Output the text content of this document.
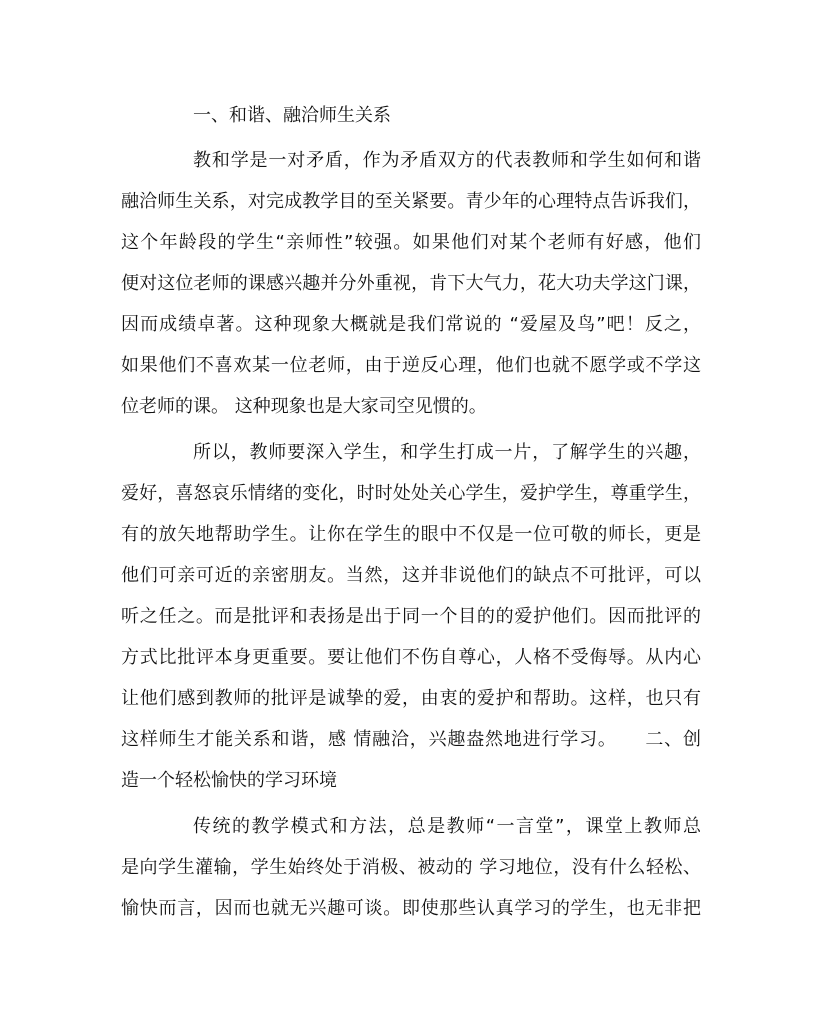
一、和谐、融洽师生关系
教和学是一对矛盾，作为矛盾双方的代表教师和学生如何和谐
融洽师生关系，对完成教学目的至关紧要。青少年的心理特点告诉我们，
这个年龄段的学生“亲师性”较强。如果他们对某个老师有好感，他们
便对这位老师的课感兴趣并分外重视，肯下大气力，花大功夫学这门课，
因而成绩卓著。这种现象大概就是我们常说的 “爱屋及鸟”吧！反之，
如果他们不喜欢某一位老师，由于逆反心理，他们也就不愿学或不学这
位老师的课。 这种现象也是大家司空见惯的。
所以，教师要深入学生，和学生打成一片，了解学生的兴趣，
爱好，喜怒哀乐情绪的变化，时时处处关心学生，爱护学生，尊重学生，
有的放矢地帮助学生。让你在学生的眼中不仅是一位可敬的师长，更是
他们可亲可近的亲密朋友。当然，这并非说他们的缺点不可批评，可以
听之任之。而是批评和表扬是出于同一个目的的爱护他们。因而批评的
方式比批评本身更重要。要让他们不伤自尊心，人格不受侮辱。从内心
让他们感到教师的批评是诚挚的爱，由衷的爱护和帮助。这样，也只有
这样师生才能关系和谐，感 情融洽，兴趣盎然地进行学习。　　二、创
造一个轻松愉快的学习环境
传统的教学模式和方法，总是教师“一言堂”，课堂上教师总
是向学生灌输，学生始终处于消极、被动的 学习地位，没有什么轻松、
愉快而言，因而也就无兴趣可谈。即使那些认真学习的学生，也无非把
